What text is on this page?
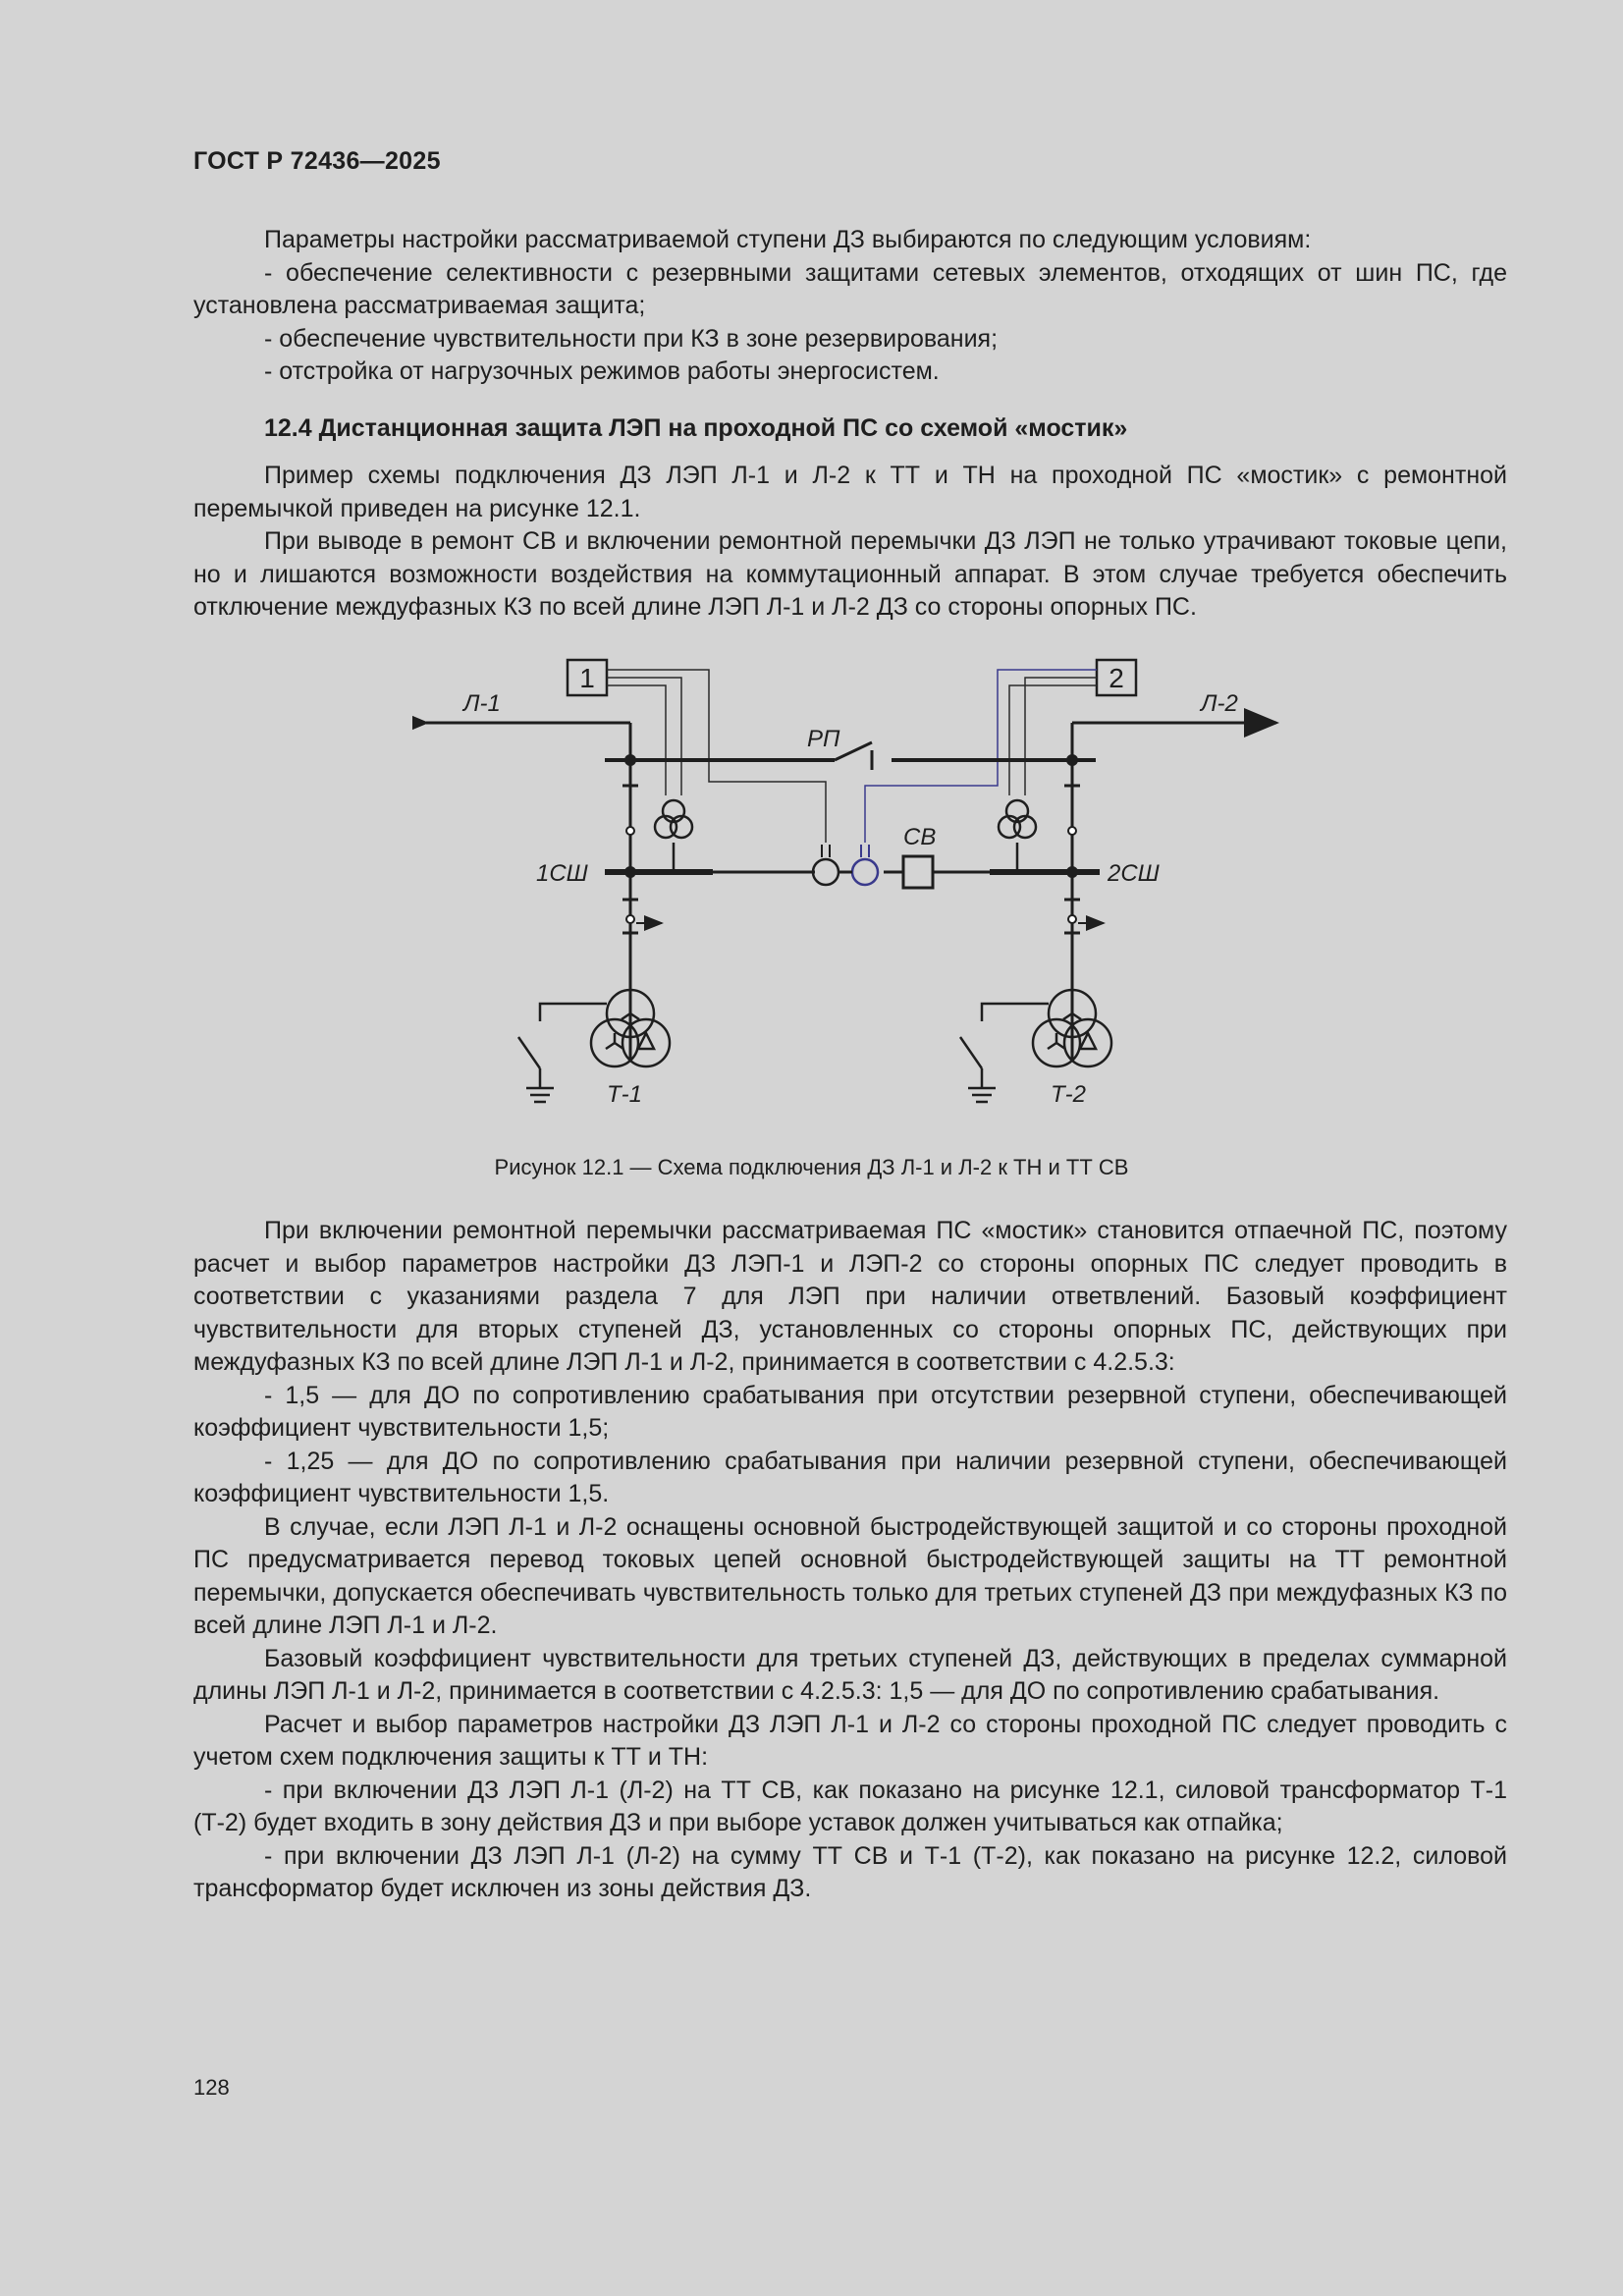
ГОСТ Р 72436—2025

Параметры настройки рассматриваемой ступени ДЗ выбираются по следующим условиям:

- обеспечение селективности с резервными защитами сетевых элементов, отходящих от шин ПС, где установлена рассматриваемая защита;

- обеспечение чувствительности при КЗ в зоне резервирования;

- отстройка от нагрузочных режимов работы энергосистем.

12.4 Дистанционная защита ЛЭП на проходной ПС со схемой «мостик»

Пример схемы подключения ДЗ ЛЭП Л-1 и Л-2 к ТТ и ТН на проходной ПС «мостик» с ремонтной перемычкой приведен на рисунке 12.1.

При выводе в ремонт СВ и включении ремонтной перемычки ДЗ ЛЭП не только утрачивают токовые цепи, но и лишаются возможности воздействия на коммутационный аппарат. В этом случае требуется обеспечить отключение междуфазных КЗ по всей длине ЛЭП Л-1 и Л-2 ДЗ со стороны опорных ПС.

1	2
Л-1	Л-2
РП
1СШ	2СШ
СВ
Т-1	Т-2
Рисунок 12.1 — Схема подключения ДЗ Л-1 и Л-2 к ТН и ТТ СВ

При включении ремонтной перемычки рассматриваемая ПС «мостик» становится отпаечной ПС, поэтому расчет и выбор параметров настройки ДЗ ЛЭП-1 и ЛЭП-2 со стороны опорных ПС следует проводить в соответствии с указаниями раздела 7 для ЛЭП при наличии ответвлений. Базовый коэффициент чувствительности для вторых ступеней ДЗ, установленных со стороны опорных ПС, действующих при междуфазных КЗ по всей длине ЛЭП Л-1 и Л-2, принимается в соответствии с 4.2.5.3:

- 1,5 — для ДО по сопротивлению срабатывания при отсутствии резервной ступени, обеспечивающей коэффициент чувствительности 1,5;

- 1,25 — для ДО по сопротивлению срабатывания при наличии резервной ступени, обеспечивающей коэффициент чувствительности 1,5.

В случае, если ЛЭП Л-1 и Л-2 оснащены основной быстродействующей защитой и со стороны проходной ПС предусматривается перевод токовых цепей основной быстродействующей защиты на ТТ ремонтной перемычки, допускается обеспечивать чувствительность только для третьих ступеней ДЗ при междуфазных КЗ по всей длине ЛЭП Л-1 и Л-2.

Базовый коэффициент чувствительности для третьих ступеней ДЗ, действующих в пределах суммарной длины ЛЭП Л-1 и Л-2, принимается в соответствии с 4.2.5.3: 1,5 — для ДО по сопротивлению срабатывания.

Расчет и выбор параметров настройки ДЗ ЛЭП Л-1 и Л-2 со стороны проходной ПС следует проводить с учетом схем подключения защиты к ТТ и ТН:

- при включении ДЗ ЛЭП Л-1 (Л-2) на ТТ СВ, как показано на рисунке 12.1, силовой трансформатор Т-1 (Т-2) будет входить в зону действия ДЗ и при выборе уставок должен учитываться как отпайка;

- при включении ДЗ ЛЭП Л-1 (Л-2) на сумму ТТ СВ и Т-1 (Т-2), как показано на рисунке 12.2, силовой трансформатор будет исключен из зоны действия ДЗ.

128
